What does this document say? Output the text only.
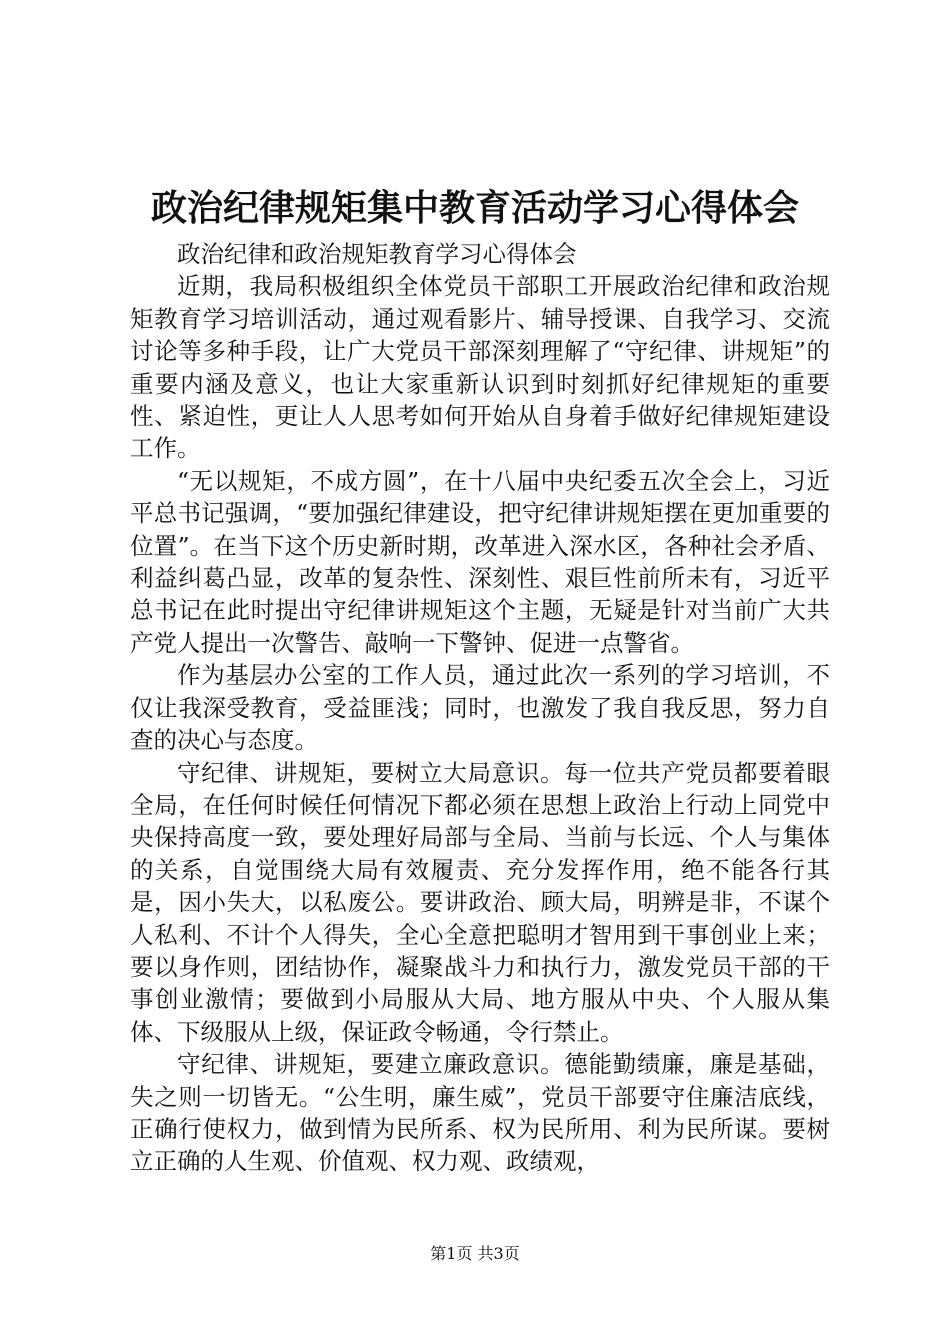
政治纪律规矩集中教育活动学习心得体会

政治纪律和政治规矩教育学习心得体会

近期，我局积极组织全体党员干部职工开展政治纪律和政治规矩教育学习培训活动，通过观看影片、辅导授课、自我学习、交流讨论等多种手段，让广大党员干部深刻理解了“守纪律、讲规矩”的重要内涵及意义，也让大家重新认识到时刻抓好纪律规矩的重要性、紧迫性，更让人人思考如何开始从自身着手做好纪律规矩建设工作。

“无以规矩，不成方圆”，在十八届中央纪委五次全会上，习近平总书记强调，“要加强纪律建设，把守纪律讲规矩摆在更加重要的位置”。在当下这个历史新时期，改革进入深水区，各种社会矛盾、利益纠葛凸显，改革的复杂性、深刻性、艰巨性前所未有，习近平总书记在此时提出守纪律讲规矩这个主题，无疑是针对当前广大共产党人提出一次警告、敲响一下警钟、促进一点警省。

作为基层办公室的工作人员，通过此次一系列的学习培训，不仅让我深受教育，受益匪浅；同时，也激发了我自我反思，努力自查的决心与态度。

守纪律、讲规矩，要树立大局意识。每一位共产党员都要着眼全局，在任何时候任何情况下都必须在思想上政治上行动上同党中央保持高度一致，要处理好局部与全局、当前与长远、个人与集体的关系，自觉围绕大局有效履责、充分发挥作用，绝不能各行其是，因小失大，以私废公。要讲政治、顾大局，明辨是非，不谋个人私利、不计个人得失，全心全意把聪明才智用到干事创业上来；要以身作则，团结协作，凝聚战斗力和执行力，激发党员干部的干事创业激情；要做到小局服从大局、地方服从中央、个人服从集体、下级服从上级，保证政令畅通，令行禁止。

守纪律、讲规矩，要建立廉政意识。德能勤绩廉，廉是基础，失之则一切皆无。“公生明，廉生威”，党员干部要守住廉洁底线，正确行使权力，做到情为民所系、权为民所用、利为民所谋。要树立正确的人生观、价值观、权力观、政绩观，

第1页 共3页
